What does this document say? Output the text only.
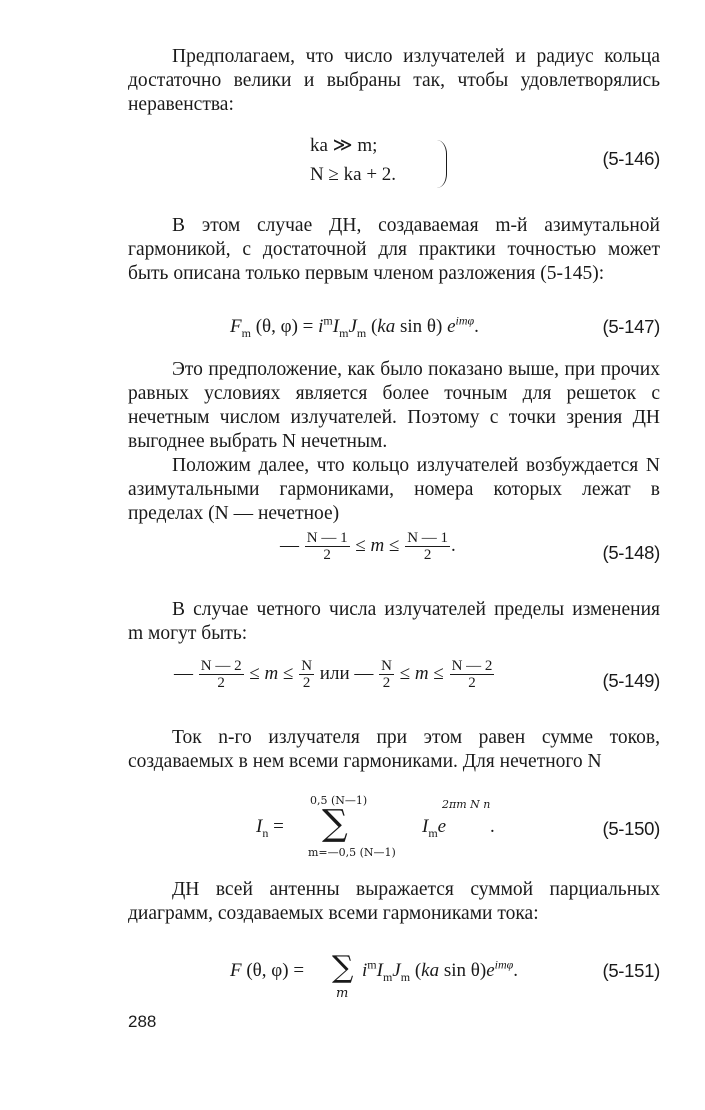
Предполагаем, что число излучателей и радиус кольца достаточно велики и выбраны так, чтобы удовлетворялись неравенства:

ka ≫ m;
N ≥ ka + 2.
(5-146)

В этом случае ДН, создаваемая m-й азимутальной гармоникой, с достаточной для практики точностью может быть описана только первым членом разложения (5-145):

$F_m$ (θ, $\varphi) = i^mI_mJ_m$ (ka sin θ) $e^{im\varphi}$.	(5-147)

Это предположение, как было показано выше, при прочих равных условиях является более точным для решеток с нечетным числом излучателей. Поэтому с точки зрения ДН выгоднее выбрать N нечетным.

Положим далее, что кольцо излучателей возбуждается N азимутальными гармониками, номера которых лежат в пределах (N — нечетное)

— $\frac{N — 1}{2} \le m \le \frac{N — 1}{2}$ .	(5-148)

В случае четного числа излучателей пределы изменения m могут быть:

— $\frac{N — 2}{2} \le m \le \frac{N}{2}$ или — $\frac{N}{2} \le m \le \frac{N — 2}{2}$	(5-149)

Ток n-го излучателя при этом равен сумме токов, создаваемых в нем всеми гармониками. Для нечетного N

$I_n$ =
0,5 (N—1)
∑
m=—0,5 (N—1)
$I_me$
2πm N n
.	(5-150)

ДН всей антенны выражается суммой парциальных диаграмм, создаваемых всеми гармониками тока:

F (θ, φ) = ∑
m
$i^mI_mJ_m$ (ka $\sin \theta)e^{im\varphi}$.	(5-151)
288
